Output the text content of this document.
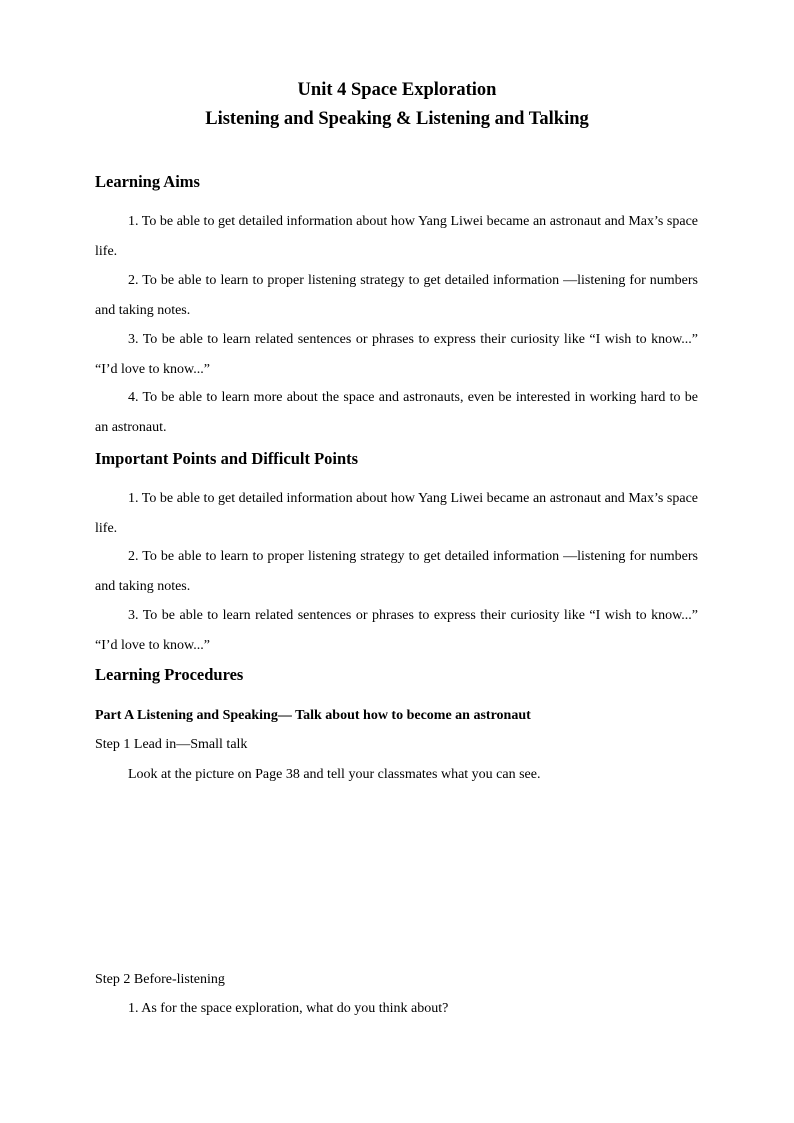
Unit 4 Space Exploration
Listening and Speaking & Listening and Talking
Learning Aims

1. To be able to get detailed information about how Yang Liwei became an astronaut and Max’s space life.

2. To be able to learn to proper listening strategy to get detailed information —listening for numbers and taking notes.

3. To be able to learn related sentences or phrases to express their curiosity like “I wish to know...” “I’d love to know...”

4. To be able to learn more about the space and astronauts, even be interested in working hard to be an astronaut.

Important Points and Difficult Points

1. To be able to get detailed information about how Yang Liwei became an astronaut and Max’s space life.

2. To be able to learn to proper listening strategy to get detailed information —listening for numbers and taking notes.

3. To be able to learn related sentences or phrases to express their curiosity like “I wish to know...” “I’d love to know...”

Learning Procedures
Part A Listening and Speaking— Talk about how to become an astronaut
Step 1 Lead in—Small talk
Look at the picture on Page 38 and tell your classmates what you can see.
Step 2 Before-listening
1. As for the space exploration, what do you think about?
